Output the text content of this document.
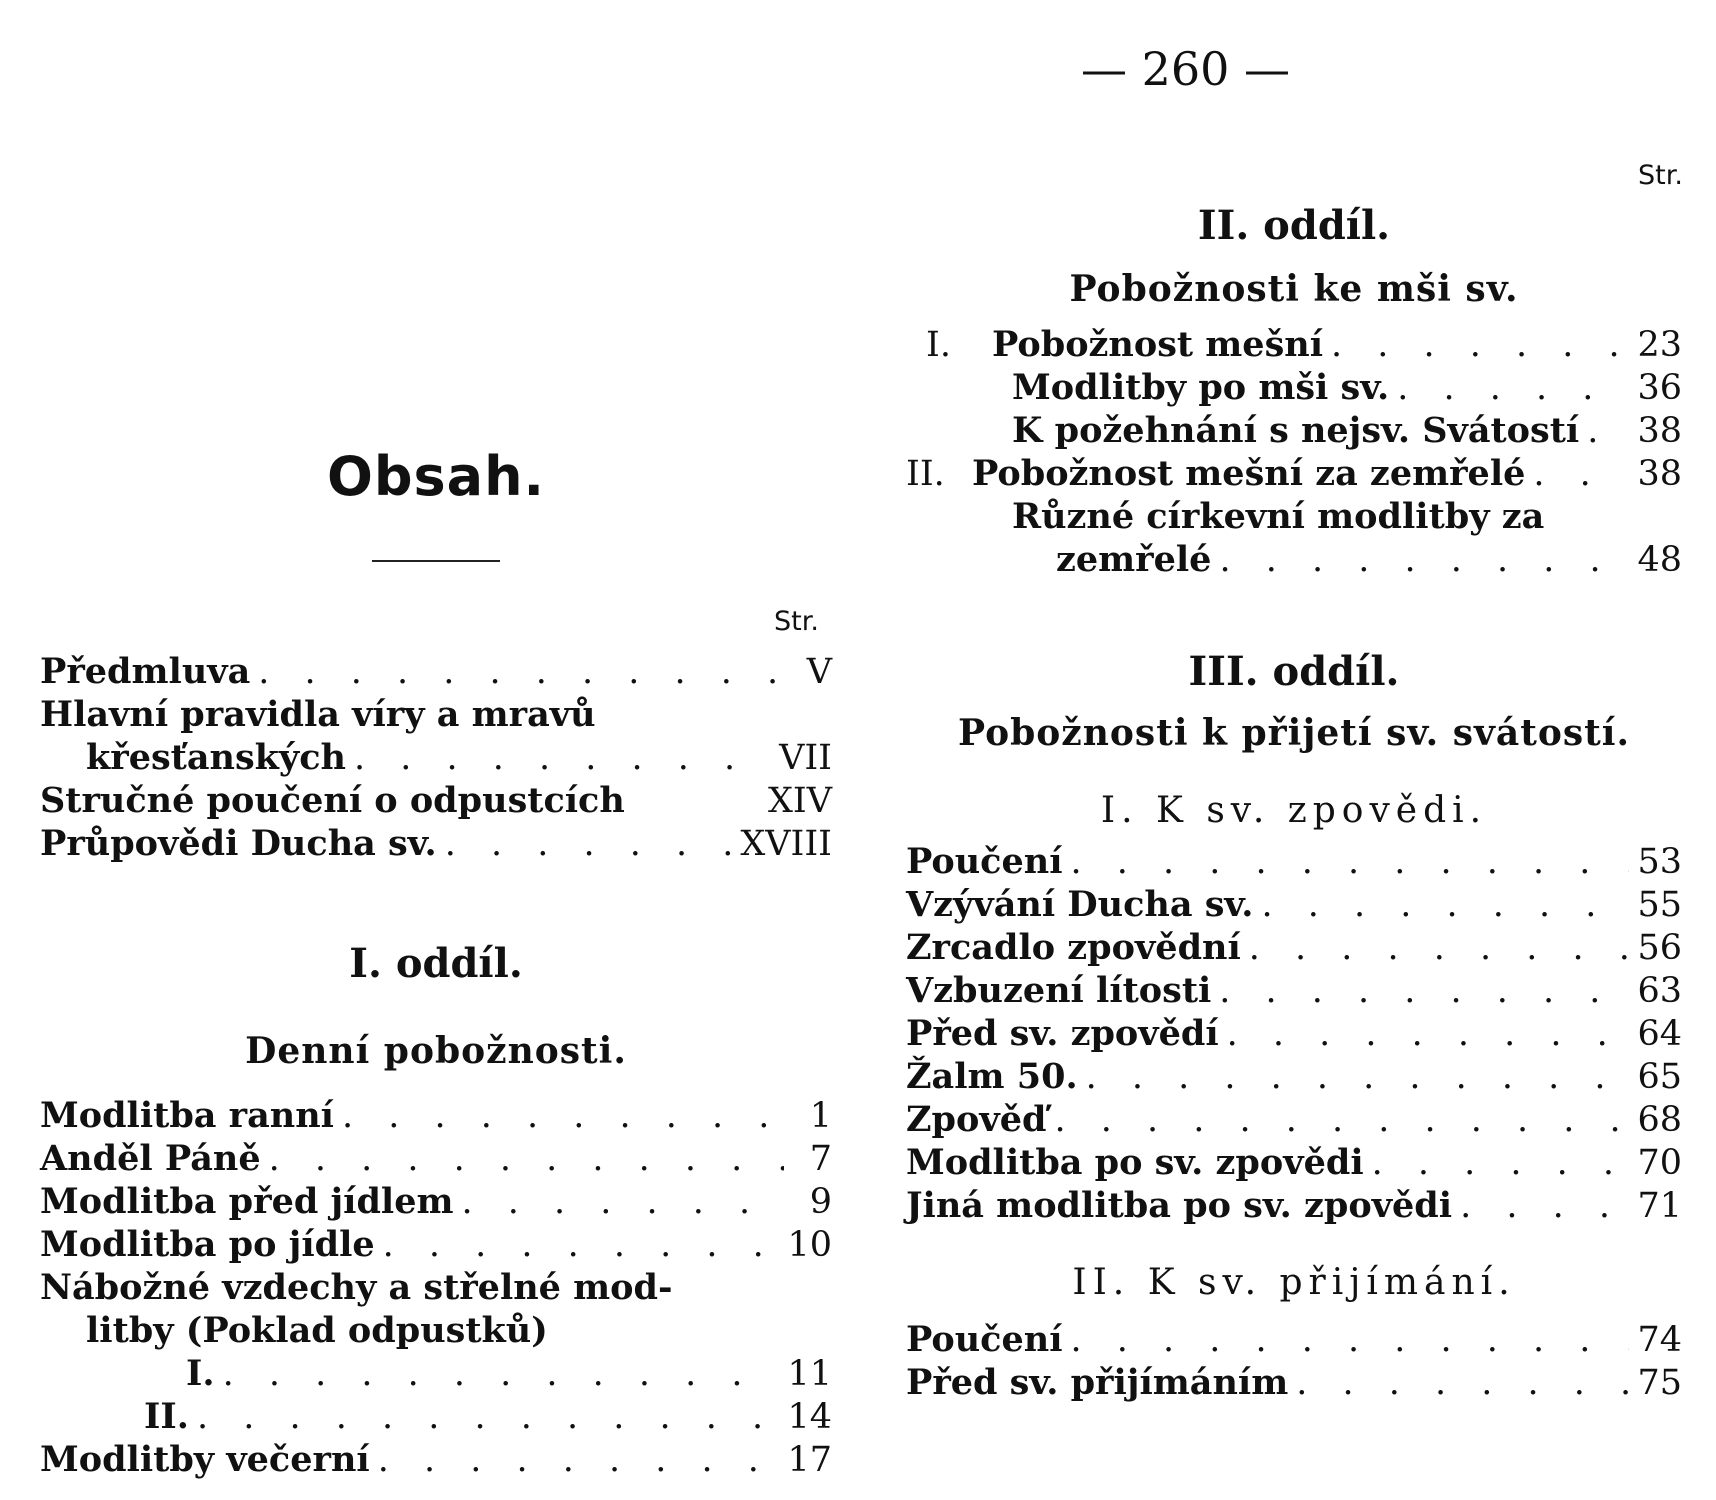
— 260 —
Obsah.
Str.
Předmluva . . .	V
Hlavní pravidla víry a mravů
křesťanských . . .	VII
Stručné poučení o odpustcích	XIV
Průpovědi Ducha sv. . . .	XVIII
I. oddíl.
Denní pobožnosti.
Modlitba ranní . . .	1
Anděl Páně . . .	7
Modlitba před jídlem . . .	9
Modlitba po jídle . . .	10
Nábožné vzdechy a střelné mod-
litby (Poklad odpustků)
I. . . .	11
II. . . .	14
Modlitby večerní . . .	17
Str.
II. oddíl.
Pobožnosti ke mši sv.
I.	Pobožnost mešní . . .	23
Modlitby po mši sv. . . .	36
K požehnání s nejsv. Svátostí . . . 38
II. Pobožnost mešní za zemřelé . . .	38
Různé církevní modlitby za
zemřelé . . .	48
III. oddíl.
Pobožnosti k přijetí sv. svátostí.
I. K sv. zpovědi.
Poučení . . .	53
Vzývání Ducha sv. . . .	55
Zrcadlo zpovědní . . .	56
Vzbuzení lítosti . . .	63
Před sv. zpovědí . . .	64
Žalm 50. . . .	65
Zpověď . . .	68
Modlitba po sv. zpovědi . . .	70
Jiná modlitba po sv. zpovědi . . .	71
II. K sv. přijímání.
Poučení . . .	74
Před sv. přijímáním . . .	75
